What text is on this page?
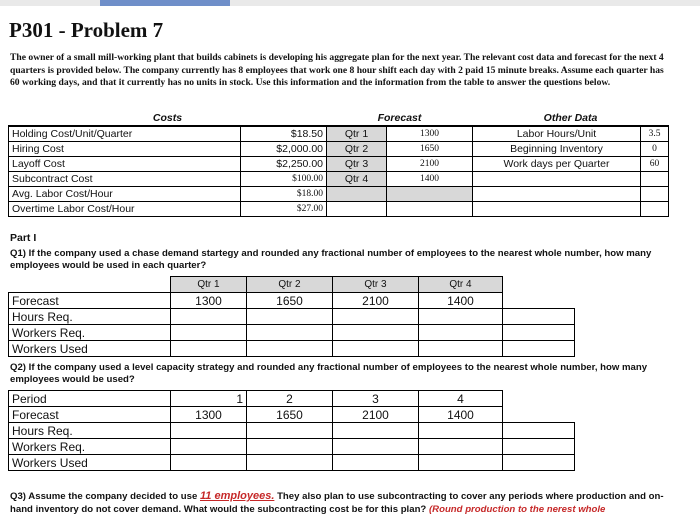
P301 - Problem 7
The owner of a small mill-working plant that builds cabinets is developing his aggregate plan for the next year. The relevant cost data and forecast for the next 4 quarters is provided below. The company currently has 8 employees that work one 8 hour shift each day with 2 paid 15 minute breaks. Assume each quarter has 60 working days, and that it currently has no units in stock. Use this information and the information from the table to answer the questions below.
Costs		Forecast		Other Data	
Holding Cost/Unit/Quarter	$18.50	Qtr 1	1300	Labor Hours/Unit	3.5
Hiring Cost	$2,000.00	Qtr 2	1650	Beginning Inventory	0
Layoff Cost	$2,250.00	Qtr 3	2100	Work days per Quarter	60
Subcontract Cost	$100.00	Qtr 4	1400		
Avg. Labor Cost/Hour	$18.00				
Overtime Labor Cost/Hour	$27.00				
Part I
Q1) If the company used a chase demand startegy and rounded any fractional number of employees to the nearest whole number, how many employees would be used in each quarter?
	Qtr 1	Qtr 2	Qtr 3	Qtr 4	
Forecast	1300	1650	2100	1400	
Hours Req.					
Workers Req.					
Workers Used					
Q2) If the company used a level capacity strategy and rounded any fractional number of employees to the nearest whole number, how many employees would be used?
Period	1	2	3	4	
Forecast	1300	1650	2100	1400	
Hours Req.					
Workers Req.					
Workers Used					
Q3) Assume the company decided to use 11 employees. They also plan to use subcontracting to cover any periods where production and on-hand inventory do not cover demand. What would the subcontracting cost be for this plan? (Round production to the nerest whole
